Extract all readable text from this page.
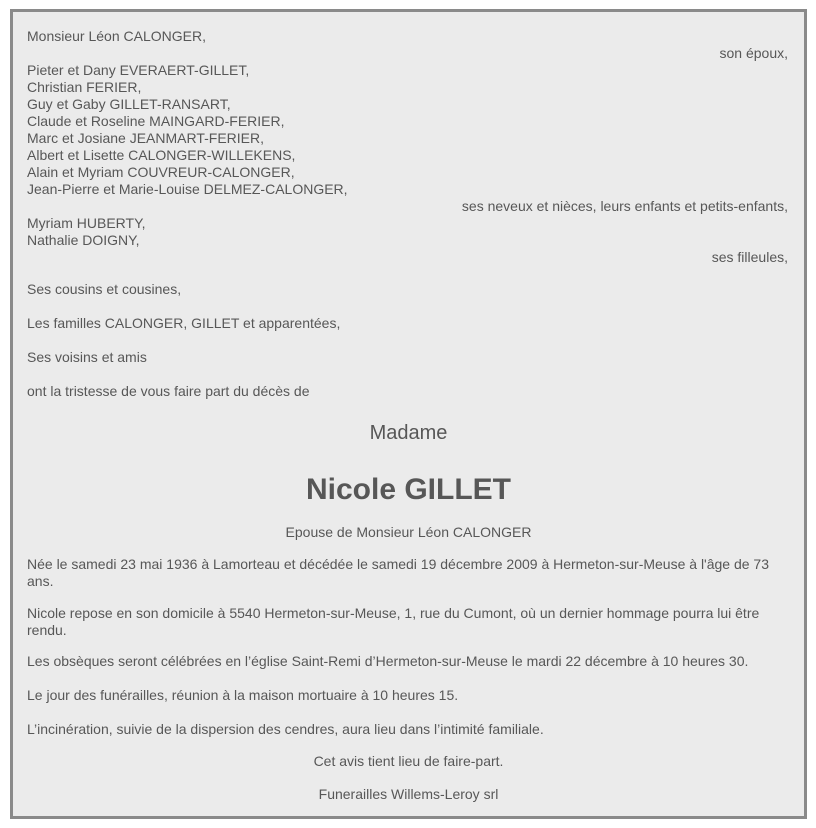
Monsieur Léon CALONGER,
son époux,
Pieter et Dany EVERAERT-GILLET,
Christian FERIER,
Guy et Gaby GILLET-RANSART,
Claude et Roseline MAINGARD-FERIER,
Marc et Josiane JEANMART-FERIER,
Albert et Lisette CALONGER-WILLEKENS,
Alain et Myriam COUVREUR-CALONGER,
Jean-Pierre et Marie-Louise DELMEZ-CALONGER,
ses neveux et nièces, leurs enfants et petits-enfants,
Myriam HUBERTY,
Nathalie DOIGNY,
ses filleules,
Ses cousins et cousines,
Les familles CALONGER, GILLET et apparentées,
Ses voisins et amis
ont la tristesse de vous faire part du décès de
Madame
Nicole GILLET
Epouse de Monsieur Léon CALONGER
Née le samedi 23 mai 1936 à Lamorteau et décédée le samedi 19 décembre 2009 à Hermeton-sur-Meuse à l'âge de 73 ans.
Nicole repose en son domicile à 5540 Hermeton-sur-Meuse, 1, rue du Cumont, où un dernier hommage pourra lui être rendu.
Les obsèques seront célébrées en l’église Saint-Remi d’Hermeton-sur-Meuse le mardi 22 décembre à 10 heures 30.
Le jour des funérailles, réunion à la maison mortuaire à 10 heures 15.
L’incinération, suivie de la dispersion des cendres, aura lieu dans l’intimité familiale.
Cet avis tient lieu de faire-part.
Funerailles Willems-Leroy srl
